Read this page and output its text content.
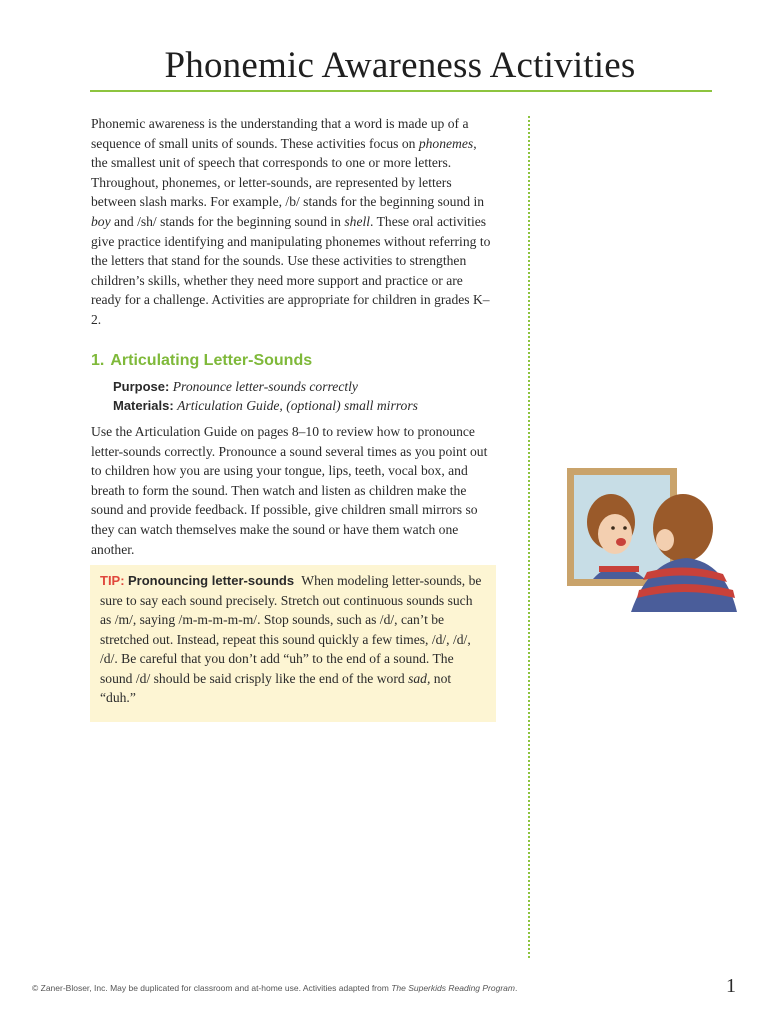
Phonemic Awareness Activities

Phonemic awareness is the understanding that a word is made up of a sequence of small units of sounds. These activities focus on phonemes, the smallest unit of speech that corresponds to one or more letters. Throughout, phonemes, or letter-sounds, are represented by letters between slash marks. For example, /b/ stands for the beginning sound in boy and /sh/ stands for the beginning sound in shell. These oral activities give practice identifying and manipulating phonemes without referring to the letters that stand for the sounds. Use these activities to strengthen children’s skills, whether they need more support and practice or are ready for a challenge. Activities are appropriate for children in grades K–2.

1. Articulating Letter-Sounds
Purpose: Pronounce letter-sounds correctly
Materials: Articulation Guide, (optional) small mirrors

Use the Articulation Guide on pages 8–10 to review how to pronounce letter-sounds correctly. Pronounce a sound several times as you point out to children how you are using your tongue, lips, teeth, vocal box, and breath to form the sound. Then watch and listen as children make the sound and provide feedback. If possible, give children small mirrors so they can watch themselves make the sound or have them watch one another.

TIP: Pronouncing letter-sounds When modeling letter-sounds, be sure to say each sound precisely. Stretch out continuous sounds such as /m/, saying /m-m-m-m-m/. Stop sounds, such as /d/, can’t be stretched out. Instead, repeat this sound quickly a few times, /d/, /d/, /d/. Be careful that you don’t add “uh” to the end of a sound. The sound /d/ should be said crisply like the end of the word sad, not “duh.”

© Zaner-Bloser, Inc. May be duplicated for classroom and at-home use. Activities adapted from The Superkids Reading Program.	1
